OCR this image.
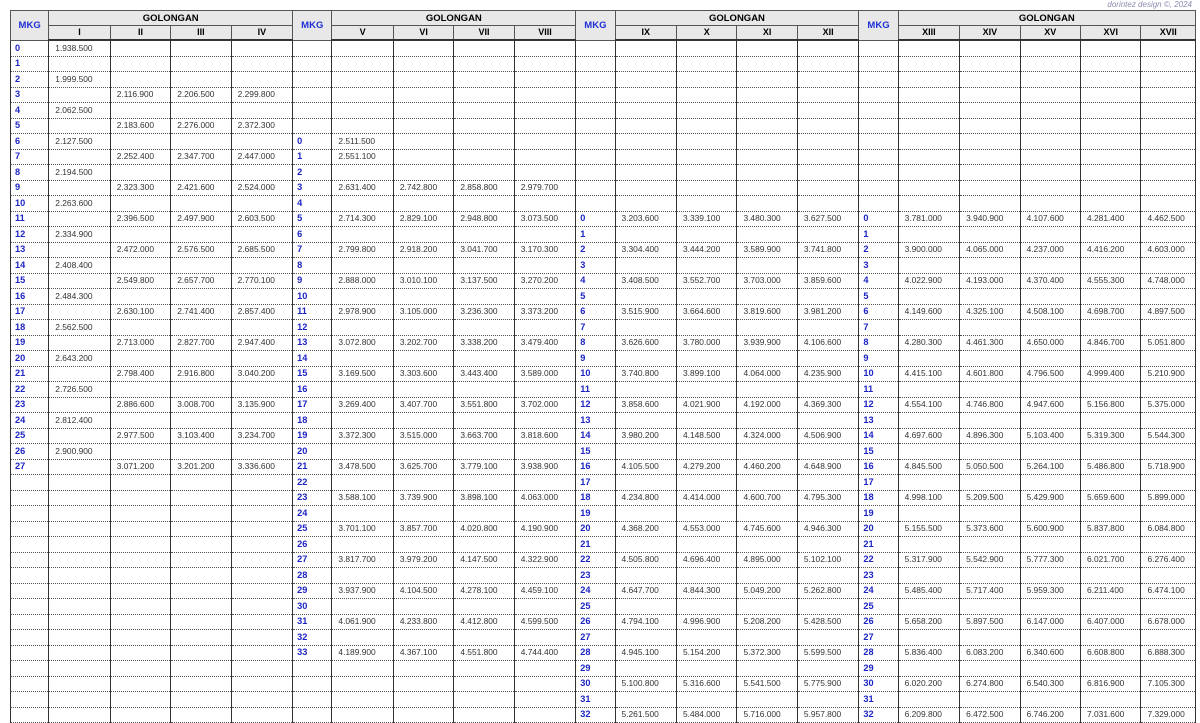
dorintez design ©, 2024
MKG	GOLONGAN				MKG	GOLONGAN				MKG	GOLONGAN				MKG	GOLONGAN				
	I	II	III	IV		V	VI	VII	VIII		IX	X	XI	XII		XIII	XIV	XV	XVI	XVII
0	1.938.500																			
1																				
2	1.999.500																			
3		2.116.900	2.206.500	2.299.800																
4	2.062.500																			
5		2.183.600	2.276.000	2.372.300																
6	2.127.500				0	2.511.500														
7		2.252.400	2.347.700	2.447.000	1	2.551.100														
8	2.194.500				2															
9		2.323.300	2.421.600	2.524.000	3	2.631.400	2.742.800	2.858.800	2.979.700											
10	2.263.600				4															
11		2.396.500	2.497.900	2.603.500	5	2.714.300	2.829.100	2.948.800	3.073.500	0	3.203.600	3.339.100	3.480.300	3.627.500	0	3.781.000	3.940.900	4.107.600	4.281.400	4.462.500
12	2.334.900				6					1					1					
13		2.472.000	2.576.500	2.685.500	7	2.799.800	2.918.200	3.041.700	3.170.300	2	3.304.400	3.444.200	3.589.900	3.741.800	2	3.900.000	4.065.000	4.237.000	4.416.200	4.603.000
14	2.408.400				8					3					3					
15		2.549.800	2.657.700	2.770.100	9	2.888.000	3.010.100	3.137.500	3.270.200	4	3.408.500	3.552.700	3.703.000	3.859.600	4	4.022.900	4.193.000	4.370.400	4.555.300	4.748.000
16	2.484.300				10					5					5					
17		2.630.100	2.741.400	2.857.400	11	2.978.900	3.105.000	3.236.300	3.373.200	6	3.515.900	3.664.600	3.819.600	3.981.200	6	4.149.600	4.325.100	4.508.100	4.698.700	4.897.500
18	2.562.500				12					7					7					
19		2.713.000	2.827.700	2.947.400	13	3.072.800	3.202.700	3.338.200	3.479.400	8	3.626.600	3.780.000	3.939.900	4.106.600	8	4.280.300	4.461.300	4.650.000	4.846.700	5.051.800
20	2.643.200				14					9					9					
21		2.798.400	2.916.800	3.040.200	15	3.169.500	3.303.600	3.443.400	3.589.000	10	3.740.800	3.899.100	4.064.000	4.235.900	10	4.415.100	4.601.800	4.796.500	4.999.400	5.210.900
22	2.726.500				16					11					11					
23		2.886.600	3.008.700	3.135.900	17	3.269.400	3.407.700	3.551.800	3.702.000	12	3.858.600	4.021.900	4.192.000	4.369.300	12	4.554.100	4.746.800	4.947.600	5.156.800	5.375.000
24	2.812.400				18					13					13					
25		2.977.500	3.103.400	3.234.700	19	3.372.300	3.515.000	3.663.700	3.818.600	14	3.980.200	4.148.500	4.324.000	4.506.900	14	4.697.600	4.896.300	5.103.400	5.319.300	5.544.300
26	2.900.900				20					15					15					
27		3.071.200	3.201.200	3.336.600	21	3.478.500	3.625.700	3.779.100	3.938.900	16	4.105.500	4.279.200	4.460.200	4.648.900	16	4.845.500	5.050.500	5.264.100	5.486.800	5.718.900
					22					17					17					
					23	3.588.100	3.739.900	3.898.100	4.063.000	18	4.234.800	4.414.000	4.600.700	4.795.300	18	4.998.100	5.209.500	5.429.900	5.659.600	5.899.000
					24					19					19					
					25	3.701.100	3.857.700	4.020.800	4.190.900	20	4.368.200	4.553.000	4.745.600	4.946.300	20	5.155.500	5.373.600	5.600.900	5.837.800	6.084.800
					26					21					21					
					27	3.817.700	3.979.200	4.147.500	4.322.900	22	4.505.800	4.696.400	4.895.000	5.102.100	22	5.317.900	5.542.900	5.777.300	6.021.700	6.276.400
					28					23					23					
					29	3.937.900	4.104.500	4.278.100	4.459.100	24	4.647.700	4.844.300	5.049.200	5.262.800	24	5.485.400	5.717.400	5.959.300	6.211.400	6.474.100
					30					25					25					
					31	4.061.900	4.233.800	4.412.800	4.599.500	26	4.794.100	4.996.900	5.208.200	5.428.500	26	5.658.200	5.897.500	6.147.000	6.407.000	6.678.000
					32					27					27					
					33	4.189.900	4.367.100	4.551.800	4.744.400	28	4.945.100	5.154.200	5.372.300	5.599.500	28	5.836.400	6.083.200	6.340.600	6.608.800	6.888.300
										29					29					
										30	5.100.800	5.316.600	5.541.500	5.775.900	30	6.020.200	6.274.800	6.540.300	6.816.900	7.105.300
										31					31					
										32	5.261.500	5.484.000	5.716.000	5.957.800	32	6.209.800	6.472.500	6.746.200	7.031.600	7.329.000
